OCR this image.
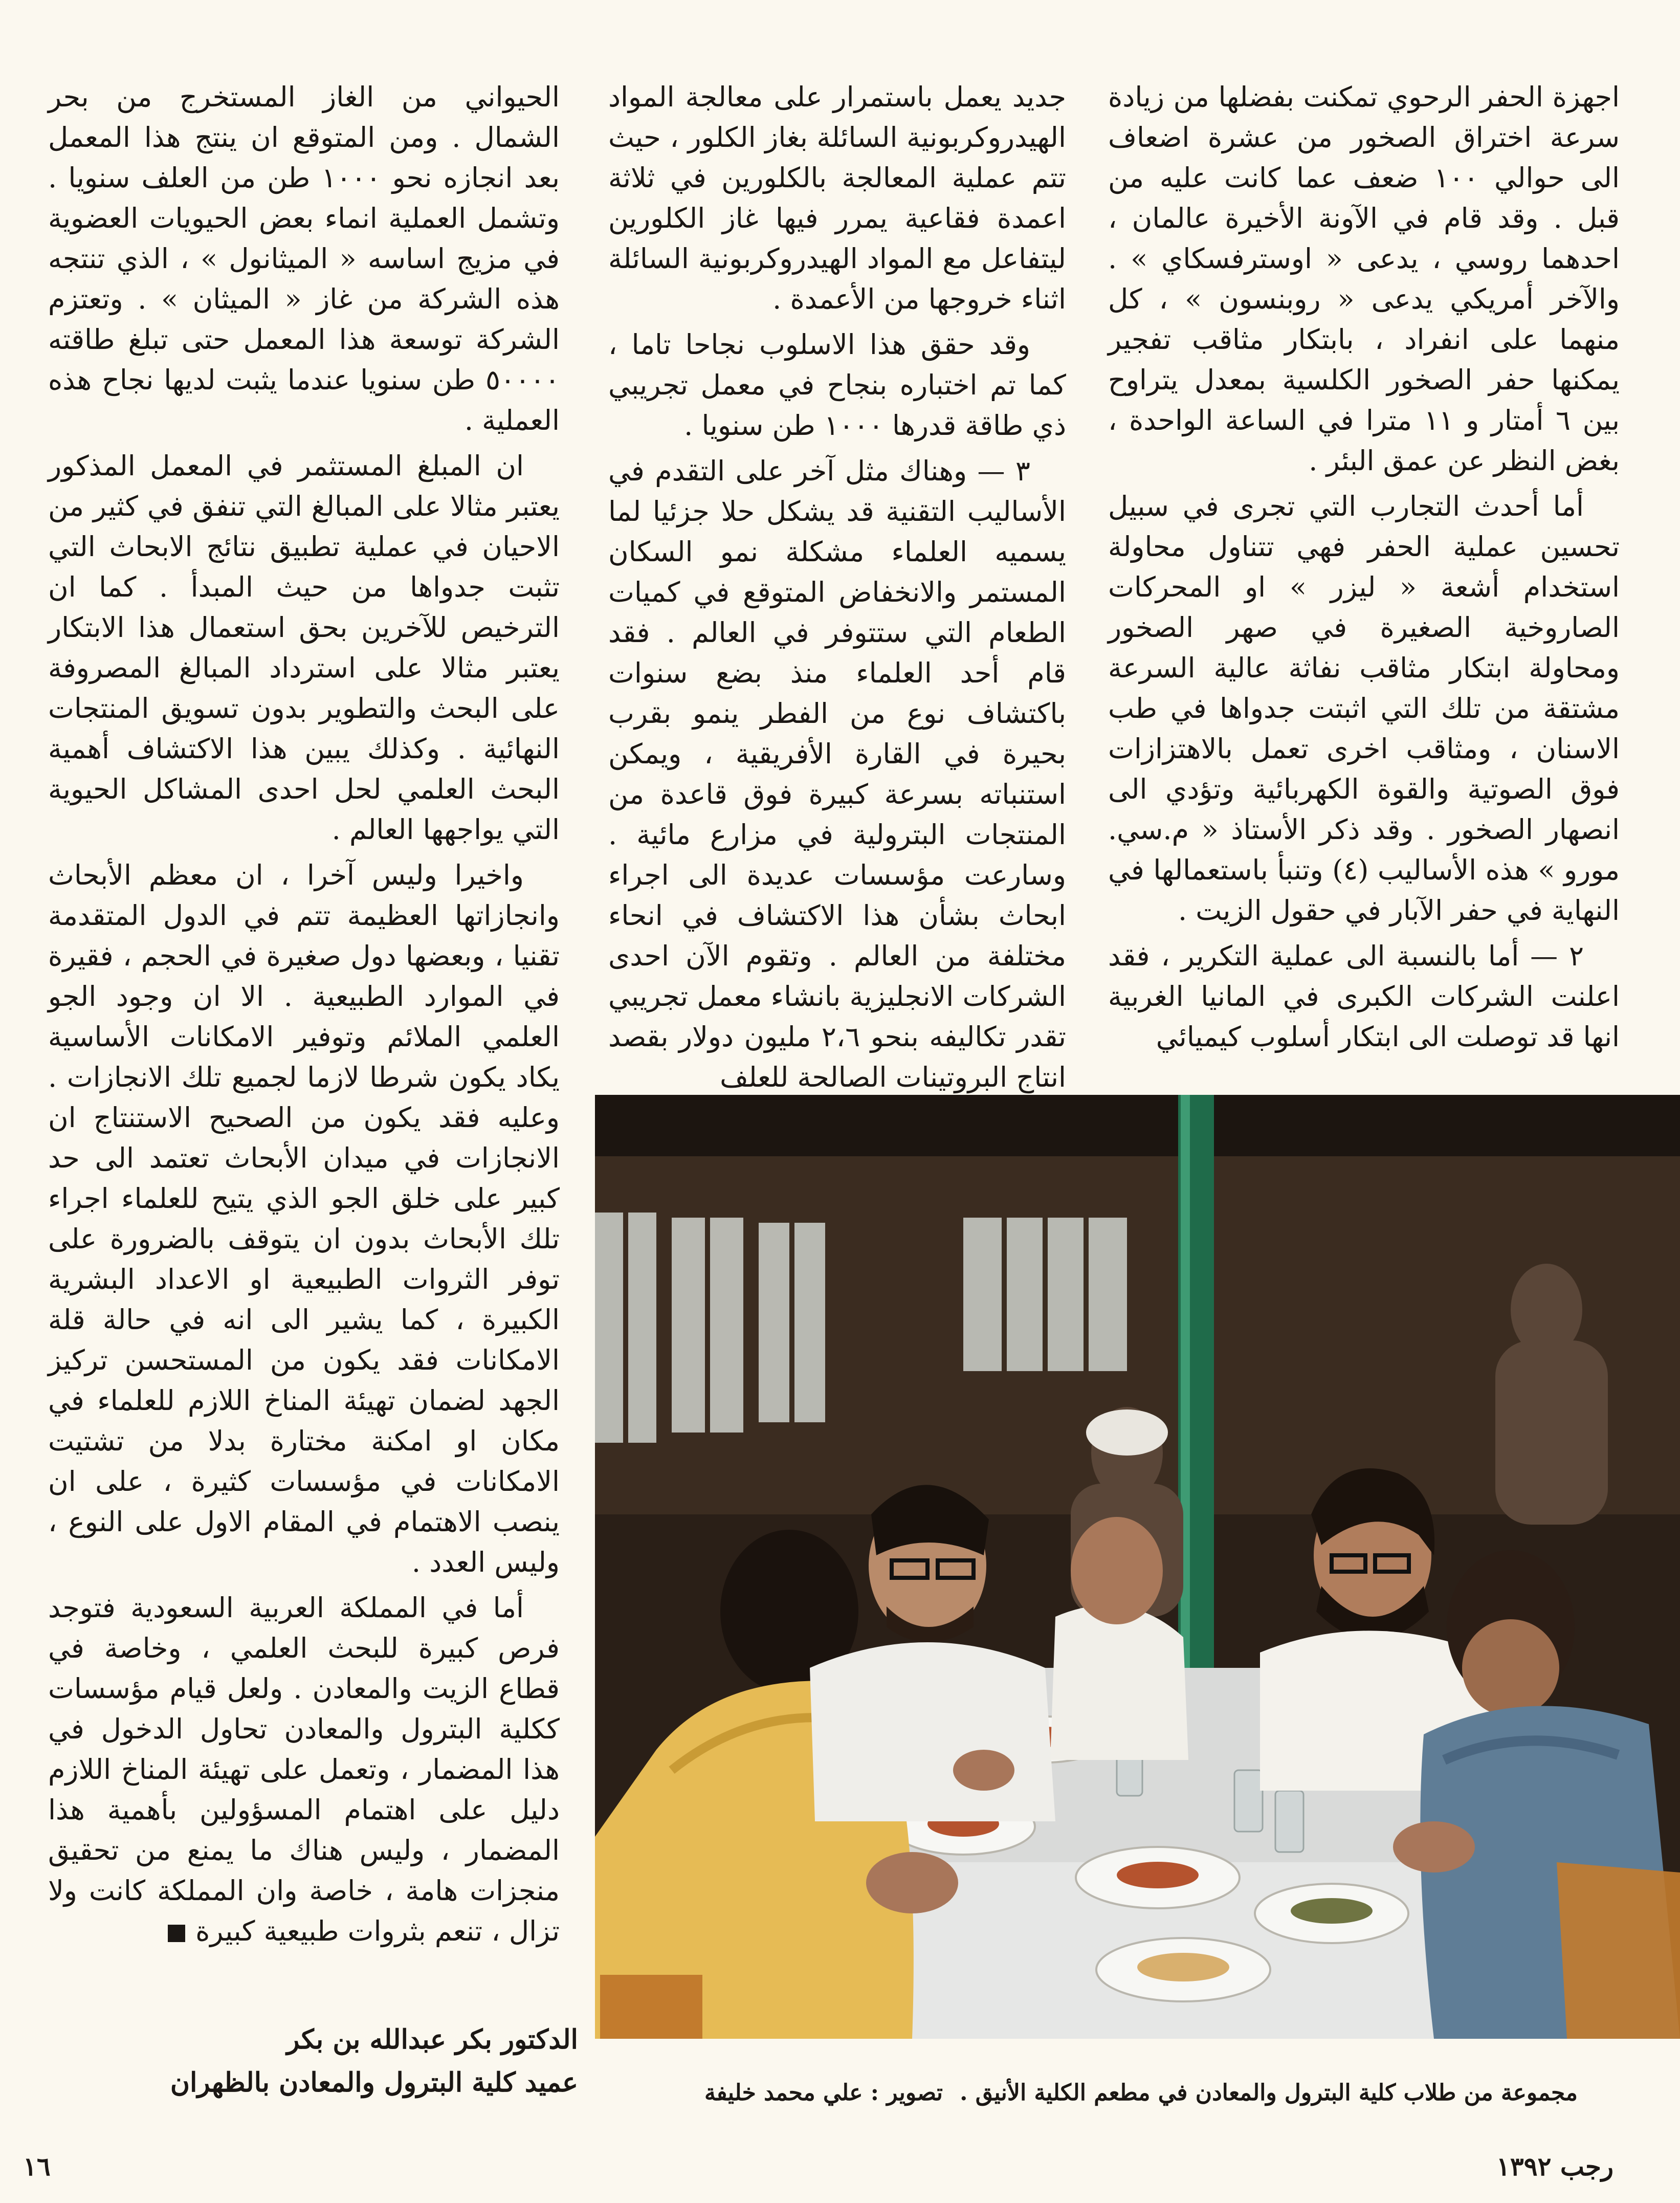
اجهزة الحفر الرحوي تمكنت بفضلها من زيادة سرعة اختراق الصخور من عشرة اضعاف الى حوالي ١٠٠ ضعف عما كانت عليه من قبل . وقد قام في الآونة الأخيرة عالمان ، احدهما روسي ، يدعى « اوسترفسكاي » . والآخر أمريكي يدعى « روبنسون » ، كل منهما على انفراد ، بابتكار مثاقب تفجير يمكنها حفر الصخور الكلسية بمعدل يتراوح بين ٦ أمتار و ١١ مترا في الساعة الواحدة ، بغض النظر عن عمق البئر .

أما أحدث التجارب التي تجرى في سبيل تحسين عملية الحفر فهي تتناول محاولة استخدام أشعة « ليزر » او المحركات الصاروخية الصغيرة في صهر الصخور ومحاولة ابتكار مثاقب نفاثة عالية السرعة مشتقة من تلك التي اثبتت جدواها في طب الاسنان ، ومثاقب اخرى تعمل بالاهتزازات فوق الصوتية والقوة الكهربائية وتؤدي الى انصهار الصخور . وقد ذكر الأستاذ « م.سي. مورو » هذه الأساليب (٤) وتنبأ باستعمالها في النهاية في حفر الآبار في حقول الزيت .

٢ — أما بالنسبة الى عملية التكرير ، فقد اعلنت الشركات الكبرى في المانيا الغربية انها قد توصلت الى ابتكار أسلوب كيميائي

جديد يعمل باستمرار على معالجة المواد الهيدروكربونية السائلة بغاز الكلور ، حيث تتم عملية المعالجة بالكلورين في ثلاثة اعمدة فقاعية يمرر فيها غاز الكلورين ليتفاعل مع المواد الهيدروكربونية السائلة اثناء خروجها من الأعمدة .

وقد حقق هذا الاسلوب نجاحا تاما ، كما تم اختباره بنجاح في معمل تجريبي ذي طاقة قدرها ١٠٠٠ طن سنويا .

٣ — وهناك مثل آخر على التقدم في الأساليب التقنية قد يشكل حلا جزئيا لما يسميه العلماء مشكلة نمو السكان المستمر والانخفاض المتوقع في كميات الطعام التي ستتوفر في العالم . فقد قام أحد العلماء منذ بضع سنوات باكتشاف نوع من الفطر ينمو بقرب بحيرة في القارة الأفريقية ، ويمكن استنباته بسرعة كبيرة فوق قاعدة من المنتجات البترولية في مزارع مائية . وسارعت مؤسسات عديدة الى اجراء ابحاث بشأن هذا الاكتشاف في انحاء مختلفة من العالم . وتقوم الآن احدى الشركات الانجليزية بانشاء معمل تجريبي تقدر تكاليفه بنحو ٢،٦ مليون دولار بقصد انتاج البروتينات الصالحة للعلف

الحيواني من الغاز المستخرج من بحر الشمال . ومن المتوقع ان ينتج هذا المعمل بعد انجازه نحو ١٠٠٠ طن من العلف سنويا . وتشمل العملية انماء بعض الحيويات العضوية في مزيج اساسه « الميثانول » ، الذي تنتجه هذه الشركة من غاز « الميثان » . وتعتزم الشركة توسعة هذا المعمل حتى تبلغ طاقته ٥٠٠٠٠ طن سنويا عندما يثبت لديها نجاح هذه العملية .

ان المبلغ المستثمر في المعمل المذكور يعتبر مثالا على المبالغ التي تنفق في كثير من الاحيان في عملية تطبيق نتائج الابحاث التي تثبت جدواها من حيث المبدأ . كما ان الترخيص للآخرين بحق استعمال هذا الابتكار يعتبر مثالا على استرداد المبالغ المصروفة على البحث والتطوير بدون تسويق المنتجات النهائية . وكذلك يبين هذا الاكتشاف أهمية البحث العلمي لحل احدى المشاكل الحيوية التي يواجهها العالم .

واخيرا وليس آخرا ، ان معظم الأبحاث وانجازاتها العظيمة تتم في الدول المتقدمة تقنيا ، وبعضها دول صغيرة في الحجم ، فقيرة في الموارد الطبيعية . الا ان وجود الجو العلمي الملائم وتوفير الامكانات الأساسية يكاد يكون شرطا لازما لجميع تلك الانجازات . وعليه فقد يكون من الصحيح الاستنتاج ان الانجازات في ميدان الأبحاث تعتمد الى حد كبير على خلق الجو الذي يتيح للعلماء اجراء تلك الأبحاث بدون ان يتوقف بالضرورة على توفر الثروات الطبيعية او الاعداد البشرية الكبيرة ، كما يشير الى انه في حالة قلة الامكانات فقد يكون من المستحسن تركيز الجهد لضمان تهيئة المناخ اللازم للعلماء في مكان او امكنة مختارة بدلا من تشتيت الامكانات في مؤسسات كثيرة ، على ان ينصب الاهتمام في المقام الاول على النوع ، وليس العدد .

أما في المملكة العربية السعودية فتوجد فرص كبيرة للبحث العلمي ، وخاصة في قطاع الزيت والمعادن . ولعل قيام مؤسسات ككلية البترول والمعادن تحاول الدخول في هذا المضمار ، وتعمل على تهيئة المناخ اللازم دليل على اهتمام المسؤولين بأهمية هذا المضمار ، وليس هناك ما يمنع من تحقيق منجزات هامة ، خاصة وان المملكة كانت ولا تزال ، تنعم بثروات طبيعية كبيرة

مجموعة من طلاب كلية البترول والمعادن في مطعم الكلية الأنيق .
تصوير : علي محمد خليفة
الدكتور بكر عبدالله بن بكر
عميد كلية البترول والمعادن بالظهران
رجب ١٣٩٢
١٦
